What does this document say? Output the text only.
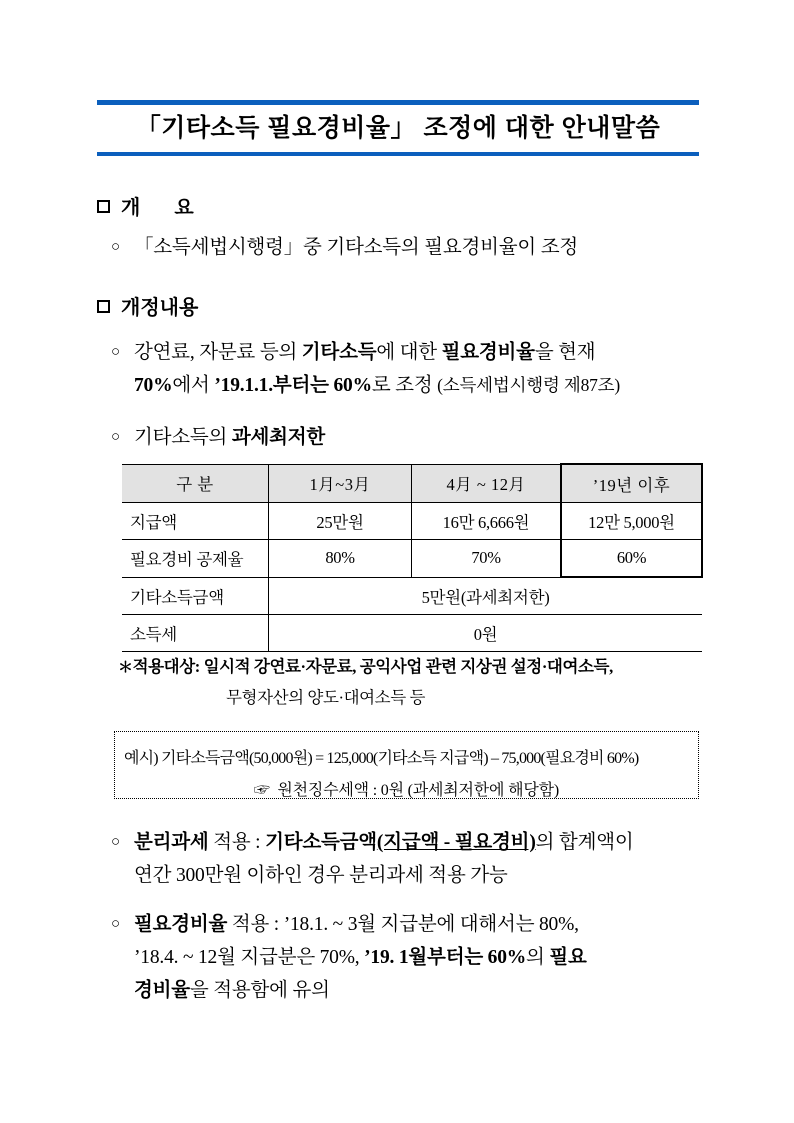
「기타소득 필요경비율」 조정에 대한 안내말씀
개 요
○ 「소득세법시행령」중 기타소득의 필요경비율이 조정
개정내용
○ 강연료, 자문료 등의 기타소득에 대한 필요경비율을 현재
70%에서 ’19.1.1.부터는 60%로 조정 (소득세법시행령 제87조)
○ 기타소득의 과세최저한
구 분	1月~3月	4月 ~ 12月	’19년 이후
지급액	25만원	16만 6,666원	12만 5,000원
필요경비 공제율	80%	70%	60%
기타소득금액	5만원(과세최저한)		
소득세	0원		
＊적용대상: 일시적 강연료·자문료, 공익사업 관련 지상권 설정·대여소득,
무형자산의 양도·대여소득 등
예시) 기타소득금액(50,000원) = 125,000(기타소득 지급액) – 75,000(필요경비 60%)
☞ 원천징수세액 : 0원 (과세최저한에 해당함)
○ 분리과세 적용 : 기타소득금액(지급액 - 필요경비)의 합계액이
연간 300만원 이하인 경우 분리과세 적용 가능
○ 필요경비율 적용 : ’18.1. ~ 3월 지급분에 대해서는 80%,
’18.4. ~ 12월 지급분은 70%, ’19. 1월부터는 60%의 필요
경비율을 적용함에 유의
